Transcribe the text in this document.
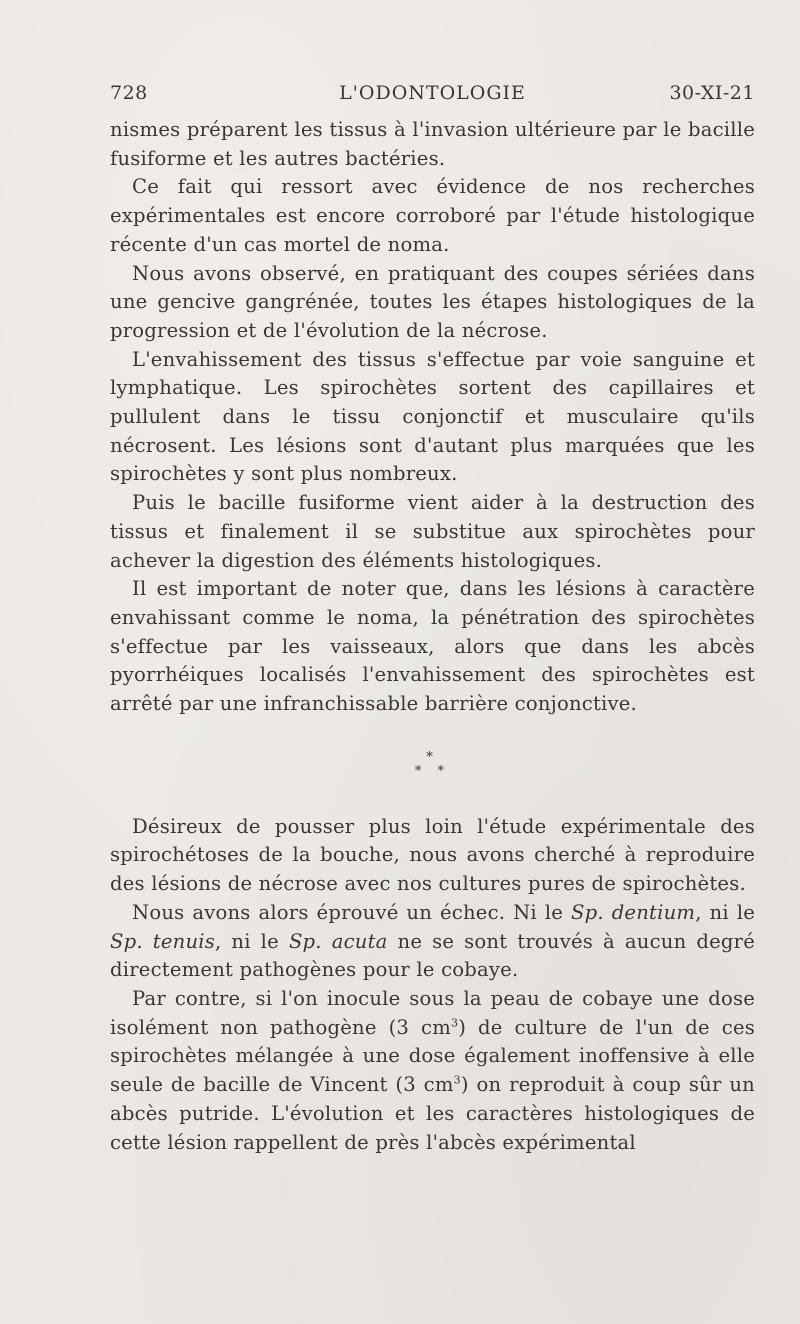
728	L'ODONTOLOGIE	30-XI-21

nismes préparent les tissus à l'invasion ultérieure par le bacille fusiforme et les autres bactéries.

Ce fait qui ressort avec évidence de nos recherches expérimentales est encore corroboré par l'étude histologique récente d'un cas mortel de noma.

Nous avons observé, en pratiquant des coupes sériées dans une gencive gangrénée, toutes les étapes histologiques de la progression et de l'évolution de la nécrose.

L'envahissement des tissus s'effectue par voie sanguine et lymphatique. Les spirochètes sortent des capillaires et pullulent dans le tissu conjonctif et musculaire qu'ils nécrosent. Les lésions sont d'autant plus marquées que les spirochètes y sont plus nombreux.

Puis le bacille fusiforme vient aider à la destruction des tissus et finalement il se substitue aux spirochètes pour achever la digestion des éléments histologiques.

Il est important de noter que, dans les lésions à caractère envahissant comme le noma, la pénétration des spirochètes s'effectue par les vaisseaux, alors que dans les abcès pyorrhéiques localisés l'envahissement des spirochètes est arrêté par une infranchissable barrière conjonctive.

*
* *

Désireux de pousser plus loin l'étude expérimentale des spirochétoses de la bouche, nous avons cherché à reproduire des lésions de nécrose avec nos cultures pures de spirochètes.

Nous avons alors éprouvé un échec. Ni le Sp. dentium, ni le Sp. tenuis, ni le Sp. acuta ne se sont trouvés à aucun degré directement pathogènes pour le cobaye.

Par contre, si l'on inocule sous la peau de cobaye une dose isolément non pathogène (3 $cm^3$) de culture de l'un de ces spirochètes mélangée à une dose également inoffensive à elle seule de bacille de Vincent (3 $cm^3$) on reproduit à coup sûr un abcès putride. L'évolution et les caractères histologiques de cette lésion rappellent de près l'abcès expérimental
